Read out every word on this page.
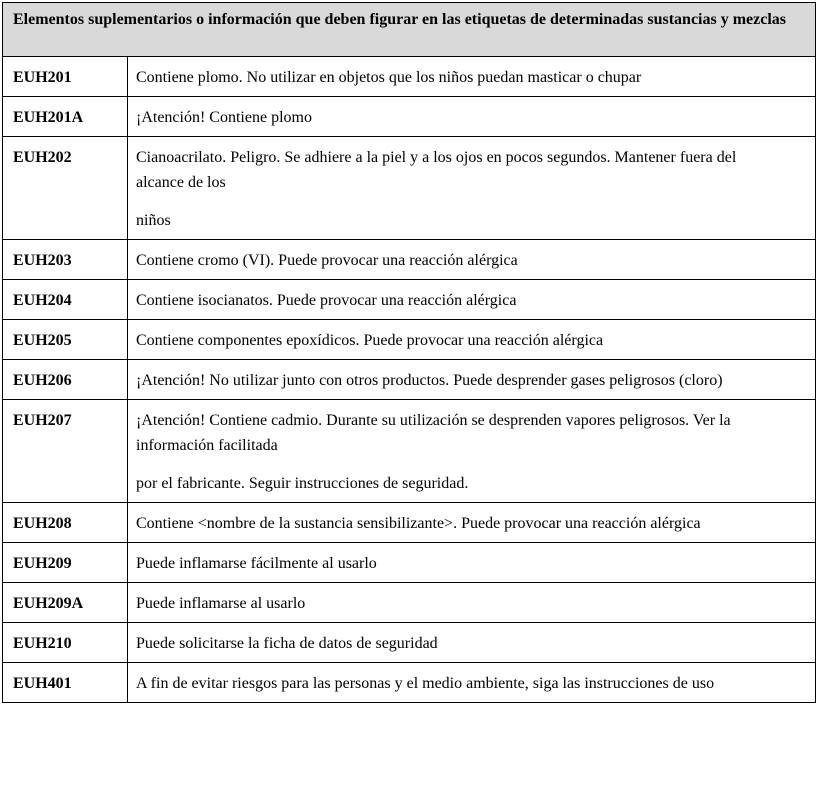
Elementos suplementarios o información que deben figurar en las etiquetas de determinadas sustancias y mezclas	
EUH201	Contiene plomo. No utilizar en objetos que los niños puedan masticar o chupar

EUH201A	¡Atención! Contiene plomo

EUH202	Cianoacrilato. Peligro. Se adhiere a la piel y a los ojos en pocos segundos. Mantener fuera del alcance de los

niños

EUH203	Contiene cromo (VI). Puede provocar una reacción alérgica

EUH204	Contiene isocianatos. Puede provocar una reacción alérgica

EUH205	Contiene componentes epoxídicos. Puede provocar una reacción alérgica

EUH206	¡Atención! No utilizar junto con otros productos. Puede desprender gases peligrosos (cloro)

EUH207	¡Atención! Contiene cadmio. Durante su utilización se desprenden vapores peligrosos. Ver la información facilitada

por el fabricante. Seguir instrucciones de seguridad.

EUH208	Contiene <nombre de la sustancia sensibilizante>. Puede provocar una reacción alérgica

EUH209	Puede inflamarse fácilmente al usarlo

EUH209A	Puede inflamarse al usarlo

EUH210	Puede solicitarse la ficha de datos de seguridad

EUH401	A fin de evitar riesgos para las personas y el medio ambiente, siga las instrucciones de uso
